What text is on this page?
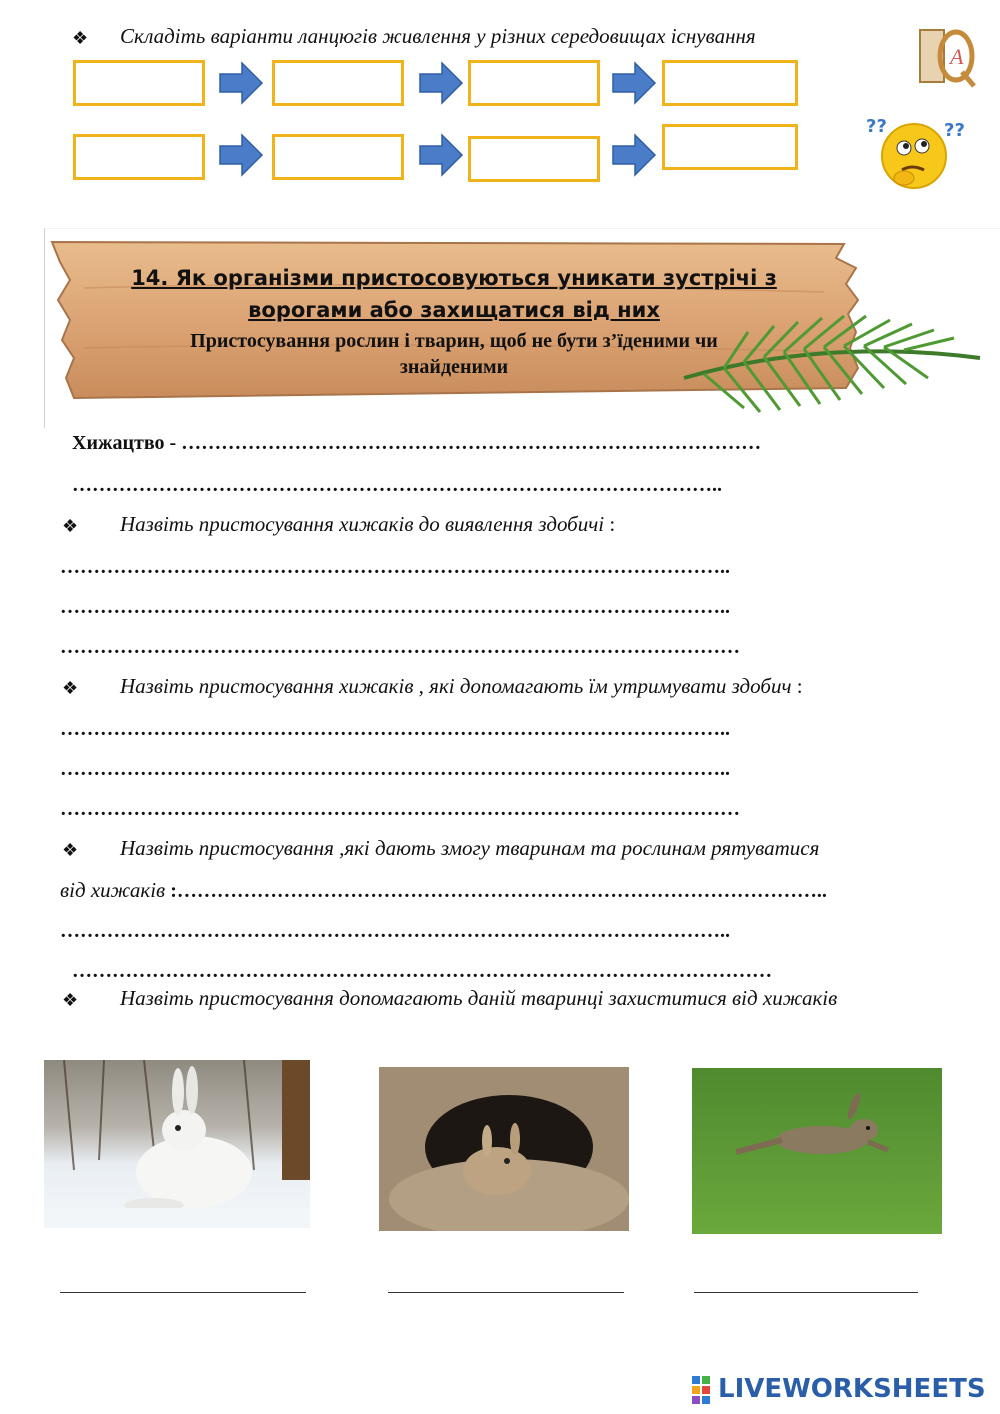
❖ Складіть варіанти ланцюгів живлення у різних середовищах існування
A
??	??
14. Як організми пристосовуються уникати зустрічі з
ворогами або захищатися від них
Пристосування рослин і тварин, щоб не бути з’їденими чи
знайденими
Хижацтво - ……………………………………………………………………………
……………………………………………………………………………………..
❖ Назвіть пристосування хижаків до виявлення здобичі :
………………………………………………………………………………………..
………………………………………………………………………………………..
…………………………………………………………………………………………
❖ Назвіть пристосування хижаків , які допомагають їм утримувати здобич :
………………………………………………………………………………………..
………………………………………………………………………………………..
…………………………………………………………………………………………
❖ Назвіть пристосування ,які дають змогу тваринам та рослинам рятуватися
від хижаків :……………………………………………………………………………………..
………………………………………………………………………………………..
……………………………………………………………………………………………
❖ Назвіть пристосування допомагають даній тваринці захиститися від хижаків
LIVEWORKSHEETS
